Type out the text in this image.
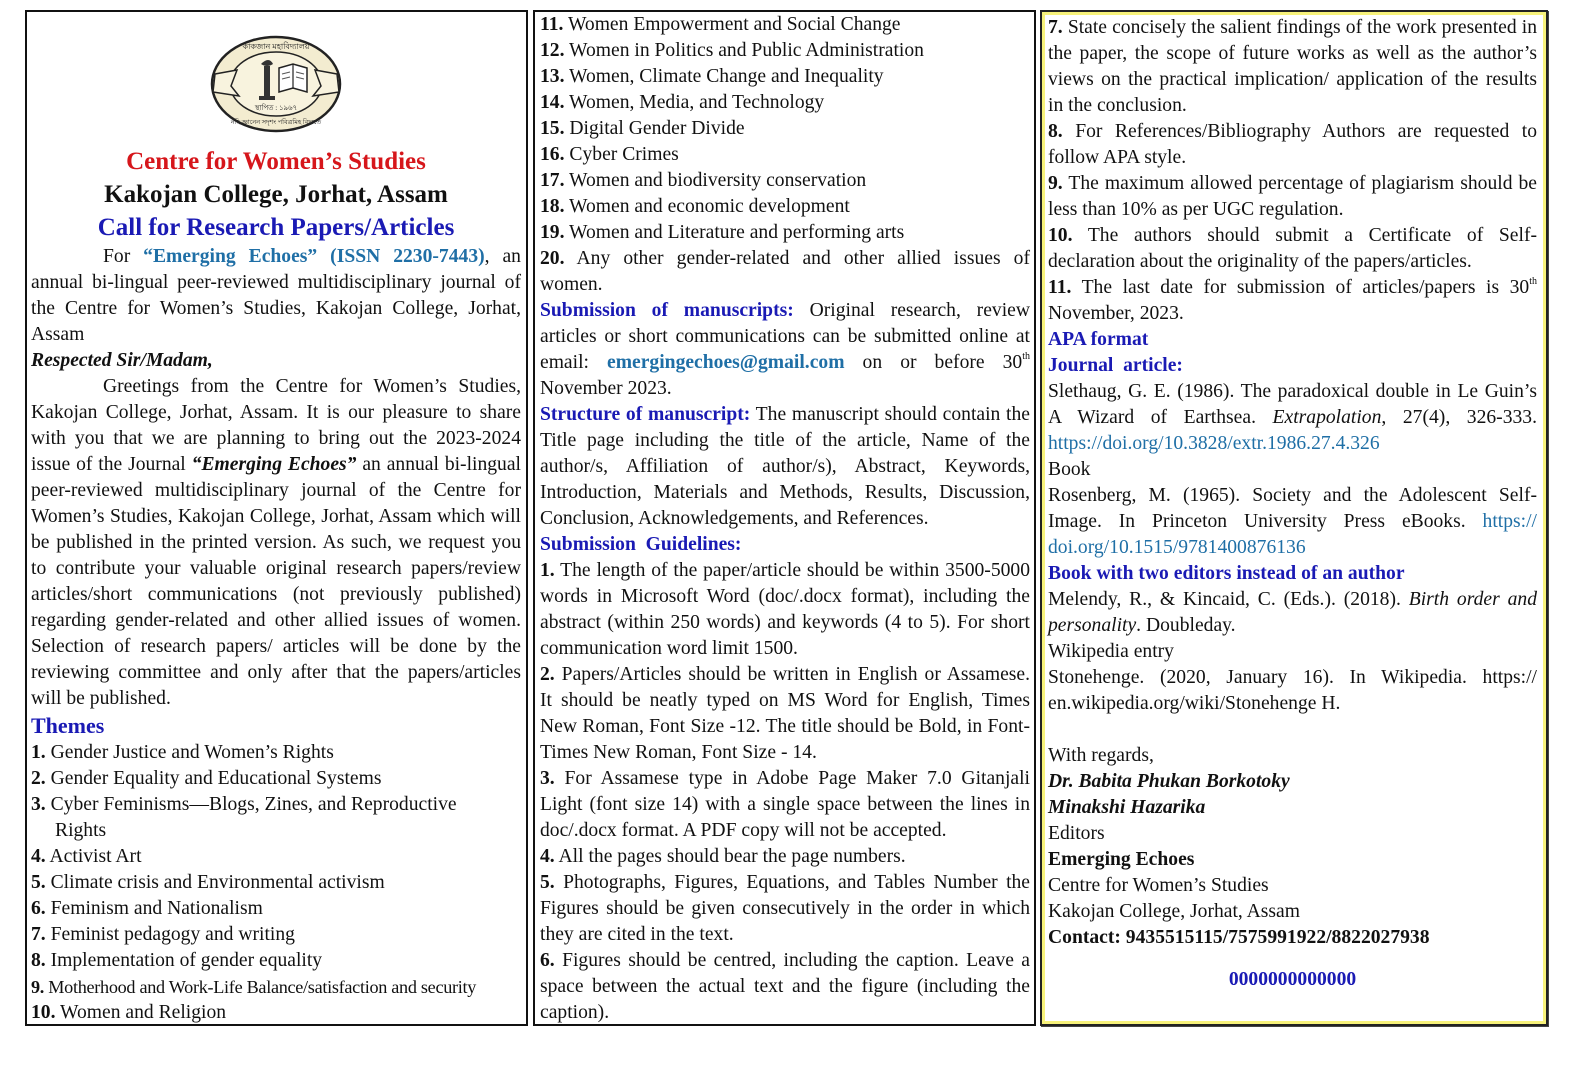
কাকজান মহাবিদ্যালয়
স্থাপিত : ১৯৬৭
নহি জ্ঞানেন সদৃশং পবিত্রমিহ বিদ্যতে
Centre for Women’s Studies
Kakojan College, Jorhat, Assam
Call for Research Papers/Articles
For “Emerging Echoes” (ISSN 2230-7443), an annual bi-lingual peer-reviewed multidisciplinary journal of the Centre for Women’s Studies, Kakojan College, Jorhat, Assam
Respected Sir/Madam,
Greetings from the Centre for Women’s Studies, Kakojan College, Jorhat, Assam. It is our pleasure to share with you that we are planning to bring out the 2023-2024 issue of the Journal “Emerging Echoes” an annual bi-lingual peer-reviewed multidisciplinary journal of the Centre for Women’s Studies, Kakojan College, Jorhat, Assam which will be published in the printed version. As such, we request you to contribute your valuable original research papers/review articles/short communications (not previously published) regarding gender-related and other allied issues of women. Selection of research papers/ articles will be done by the reviewing committee and only after that the papers/articles will be published.
Themes
1. Gender Justice and Women’s Rights
2. Gender Equality and Educational Systems
3. Cyber Feminisms—Blogs, Zines, and Reproductive
Rights
4. Activist Art
5. Climate crisis and Environmental activism
6. Feminism and Nationalism
7. Feminist pedagogy and writing
8. Implementation of gender equality
9. Motherhood and Work-Life Balance/satisfaction and security
10. Women and Religion
11. Women Empowerment and Social Change
12. Women in Politics and Public Administration
13. Women, Climate Change and Inequality
14. Women, Media, and Technology
15. Digital Gender Divide
16. Cyber Crimes
17. Women and biodiversity conservation
18. Women and economic development
19. Women and Literature and performing arts
20. Any other gender-related and other allied issues of women.
Submission of manuscripts: Original research, review articles or short communications can be submitted online at email: emergingechoes@gmail.com on or before 30th November 2023.
Structure of manuscript: The manuscript should contain the Title page including the title of the article, Name of the author/s, Affiliation of author/s), Abstract, Keywords, Introduction, Materials and Methods, Results, Discussion, Conclusion, Acknowledgements, and References.
Submission  Guidelines:
1. The length of the paper/article should be within 3500-5000 words in Microsoft Word (doc/.docx format), including the abstract (within 250 words) and keywords (4 to 5). For short communication word limit 1500.
2. Papers/Articles should be written in English or Assamese. It should be neatly typed on MS Word for English, Times New Roman, Font Size -12. The title should be Bold, in Font-Times New Roman, Font Size - 14.
3. For Assamese type in Adobe Page Maker 7.0 Gitanjali Light (font size 14) with a single space between the lines in doc/.docx format. A PDF copy will not be accepted.
4. All the pages should bear the page numbers.
5. Photographs, Figures, Equations, and Tables Number the Figures should be given consecutively in the order in which they are cited in the text.
6. Figures should be centred, including the caption. Leave a space between the actual text and the figure (including the caption).
7. State concisely the salient findings of the work presented in the paper, the scope of future works as well as the author’s views on the practical implication/ application of the results in the conclusion.
8. For References/Bibliography Authors are requested to follow APA style.
9. The maximum allowed percentage of plagiarism should be less than 10% as per UGC regulation.
10. The authors should submit a Certificate of Self-declaration about the originality of the papers/articles.
11. The last date for submission of articles/papers is 30th November, 2023.
APA format
Journal  article:
Slethaug, G. E. (1986). The paradoxical double in Le Guin’s A Wizard of Earthsea. Extrapolation, 27(4), 326-333. https://doi.org/10.3828/extr.1986.27.4.326
Book
Rosenberg, M. (1965). Society and the Adolescent Self-Image. In Princeton University Press eBooks. https:// doi.org/10.1515/9781400876136
Book with two editors instead of an author
Melendy, R., & Kincaid, C. (Eds.). (2018). Birth order and personality. Doubleday.
Wikipedia entry
Stonehenge. (2020, January 16). In Wikipedia. https:// en.wikipedia.org/wiki/Stonehenge H.
With regards,
Dr. Babita Phukan Borkotoky
Minakshi Hazarika
Editors
Emerging Echoes
Centre for Women’s Studies
Kakojan College, Jorhat, Assam
Contact: 9435515115/7575991922/8822027938
0000000000000
